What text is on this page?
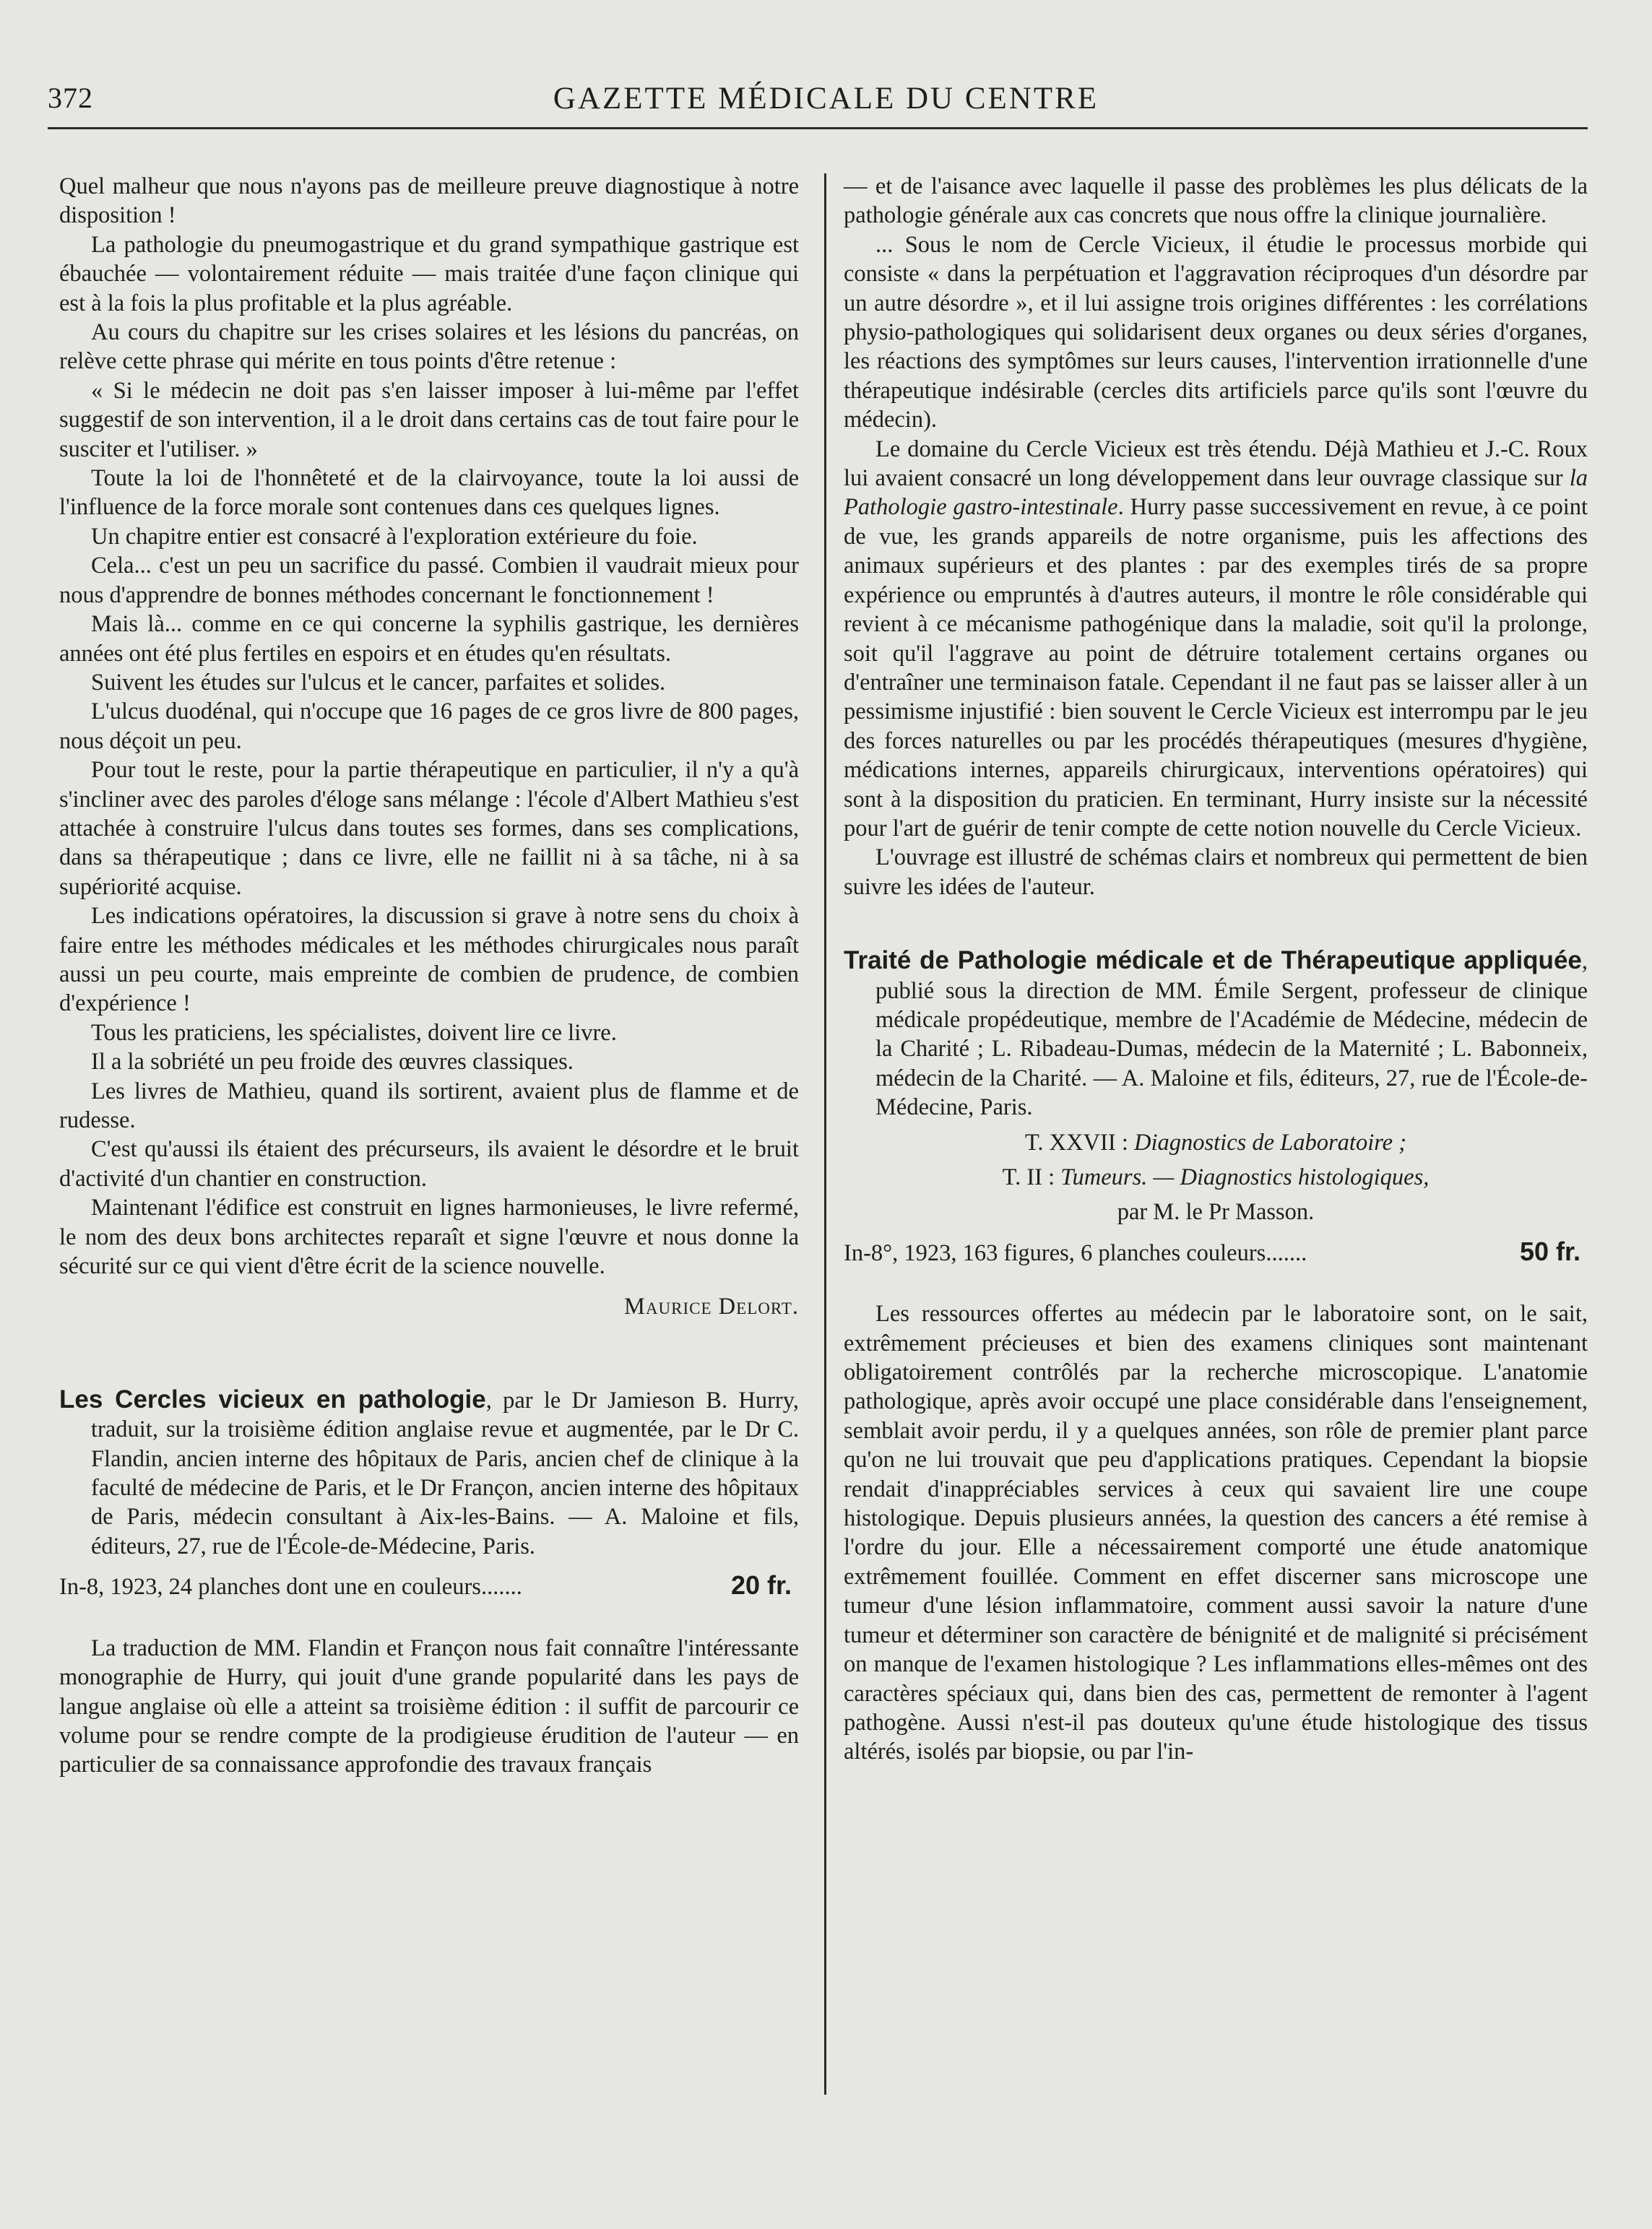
372	GAZETTE MÉDICALE DU CENTRE

Quel malheur que nous n'ayons pas de meilleure preuve diagnostique à notre disposition !

La pathologie du pneumogastrique et du grand sympathique gastrique est ébauchée — volontairement réduite — mais traitée d'une façon clinique qui est à la fois la plus profitable et la plus agréable.

Au cours du chapitre sur les crises solaires et les lésions du pancréas, on relève cette phrase qui mérite en tous points d'être retenue :

« Si le médecin ne doit pas s'en laisser imposer à lui-même par l'effet suggestif de son intervention, il a le droit dans certains cas de tout faire pour le susciter et l'utiliser. »

Toute la loi de l'honnêteté et de la clairvoyance, toute la loi aussi de l'influence de la force morale sont contenues dans ces quelques lignes.

Un chapitre entier est consacré à l'exploration extérieure du foie.

Cela... c'est un peu un sacrifice du passé. Combien il vaudrait mieux pour nous d'apprendre de bonnes méthodes concernant le fonctionnement !

Mais là... comme en ce qui concerne la syphilis gastrique, les dernières années ont été plus fertiles en espoirs et en études qu'en résultats.

Suivent les études sur l'ulcus et le cancer, parfaites et solides.

L'ulcus duodénal, qui n'occupe que 16 pages de ce gros livre de 800 pages, nous déçoit un peu.

Pour tout le reste, pour la partie thérapeutique en particulier, il n'y a qu'à s'incliner avec des paroles d'éloge sans mélange : l'école d'Albert Mathieu s'est attachée à construire l'ulcus dans toutes ses formes, dans ses complications, dans sa thérapeutique ; dans ce livre, elle ne faillit ni à sa tâche, ni à sa supériorité acquise.

Les indications opératoires, la discussion si grave à notre sens du choix à faire entre les méthodes médicales et les méthodes chirurgicales nous paraît aussi un peu courte, mais empreinte de combien de prudence, de combien d'expérience !

Tous les praticiens, les spécialistes, doivent lire ce livre.

Il a la sobriété un peu froide des œuvres classiques.

Les livres de Mathieu, quand ils sortirent, avaient plus de flamme et de rudesse.

C'est qu'aussi ils étaient des précurseurs, ils avaient le désordre et le bruit d'activité d'un chantier en construction.

Maintenant l'édifice est construit en lignes harmonieuses, le livre refermé, le nom des deux bons architectes reparaît et signe l'œuvre et nous donne la sécurité sur ce qui vient d'être écrit de la science nouvelle.

Maurice Delort.

Les Cercles vicieux en pathologie, par le Dr Jamieson B. Hurry, traduit, sur la troisième édition anglaise revue et augmentée, par le Dr C. Flandin, ancien interne des hôpitaux de Paris, ancien chef de clinique à la faculté de médecine de Paris, et le Dr Françon, ancien interne des hôpitaux de Paris, médecin consultant à Aix-les-Bains. — A. Maloine et fils, éditeurs, 27, rue de l'École-de-Médecine, Paris.

In-8, 1923, 24 planches dont une en couleurs.......	20 fr.

La traduction de MM. Flandin et Françon nous fait connaître l'intéressante monographie de Hurry, qui jouit d'une grande popularité dans les pays de langue anglaise où elle a atteint sa troisième édition : il suffit de parcourir ce volume pour se rendre compte de la prodigieuse érudition de l'auteur — en particulier de sa connaissance approfondie des travaux français

— et de l'aisance avec laquelle il passe des problèmes les plus délicats de la pathologie générale aux cas concrets que nous offre la clinique journalière.

... Sous le nom de Cercle Vicieux, il étudie le processus morbide qui consiste « dans la perpétuation et l'aggravation réciproques d'un désordre par un autre désordre », et il lui assigne trois origines différentes : les corrélations physio-pathologiques qui solidarisent deux organes ou deux séries d'organes, les réactions des symptômes sur leurs causes, l'intervention irrationnelle d'une thérapeutique indésirable (cercles dits artificiels parce qu'ils sont l'œuvre du médecin).

Le domaine du Cercle Vicieux est très étendu. Déjà Mathieu et J.-C. Roux lui avaient consacré un long développement dans leur ouvrage classique sur la Pathologie gastro-intestinale. Hurry passe successivement en revue, à ce point de vue, les grands appareils de notre organisme, puis les affections des animaux supérieurs et des plantes : par des exemples tirés de sa propre expérience ou empruntés à d'autres auteurs, il montre le rôle considérable qui revient à ce mécanisme pathogénique dans la maladie, soit qu'il la prolonge, soit qu'il l'aggrave au point de détruire totalement certains organes ou d'entraîner une terminaison fatale. Cependant il ne faut pas se laisser aller à un pessimisme injustifié : bien souvent le Cercle Vicieux est interrompu par le jeu des forces naturelles ou par les procédés thérapeutiques (mesures d'hygiène, médications internes, appareils chirurgicaux, interventions opératoires) qui sont à la disposition du praticien. En terminant, Hurry insiste sur la nécessité pour l'art de guérir de tenir compte de cette notion nouvelle du Cercle Vicieux.

L'ouvrage est illustré de schémas clairs et nombreux qui permettent de bien suivre les idées de l'auteur.

Traité de Pathologie médicale et de Thérapeutique appliquée, publié sous la direction de MM. Émile Sergent, professeur de clinique médicale propédeutique, membre de l'Académie de Médecine, médecin de la Charité ; L. Ribadeau-Dumas, médecin de la Maternité ; L. Babonneix, médecin de la Charité. — A. Maloine et fils, éditeurs, 27, rue de l'École-de-Médecine, Paris.

T. XXVII : Diagnostics de Laboratoire ;

T. II : Tumeurs. — Diagnostics histologiques,

par M. le Pr Masson.

In-8°, 1923, 163 figures, 6 planches couleurs.......	50 fr.

Les ressources offertes au médecin par le laboratoire sont, on le sait, extrêmement précieuses et bien des examens cliniques sont maintenant obligatoirement contrôlés par la recherche microscopique. L'anatomie pathologique, après avoir occupé une place considérable dans l'enseignement, semblait avoir perdu, il y a quelques années, son rôle de premier plant parce qu'on ne lui trouvait que peu d'applications pratiques. Cependant la biopsie rendait d'inappréciables services à ceux qui savaient lire une coupe histologique. Depuis plusieurs années, la question des cancers a été remise à l'ordre du jour. Elle a nécessairement comporté une étude anatomique extrêmement fouillée. Comment en effet discerner sans microscope une tumeur d'une lésion inflammatoire, comment aussi savoir la nature d'une tumeur et déterminer son caractère de bénignité et de malignité si précisément on manque de l'examen histologique ? Les inflammations elles-mêmes ont des caractères spéciaux qui, dans bien des cas, permettent de remonter à l'agent pathogène. Aussi n'est-il pas douteux qu'une étude histologique des tissus altérés, isolés par biopsie, ou par l'in-
